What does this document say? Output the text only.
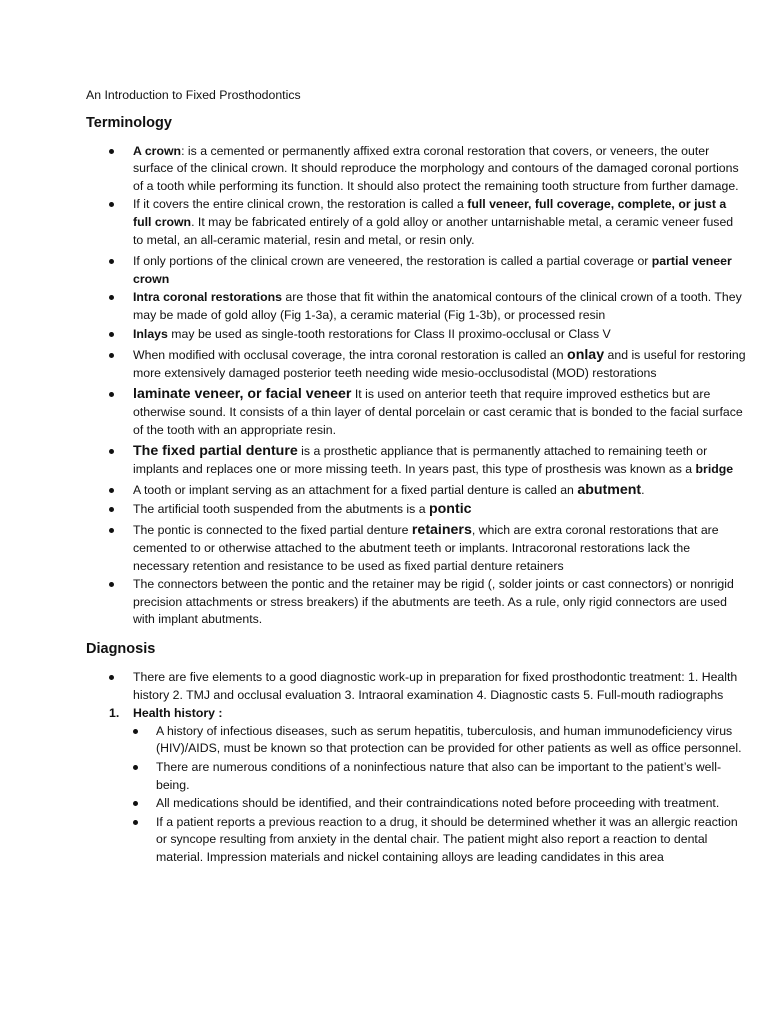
An Introduction to Fixed Prosthodontics
Terminology
A crown: is a cemented or permanently affixed extra coronal restoration that covers, or veneers, the outer surface of the clinical crown. It should reproduce the morphology and contours of the damaged coronal portions of a tooth while performing its function. It should also protect the remaining tooth structure from further damage.
If it covers the entire clinical crown, the restoration is called a full veneer, full coverage, complete, or just a full crown. It may be fabricated entirely of a gold alloy or another untarnishable metal, a ceramic veneer fused to metal, an all-ceramic material, resin and metal, or resin only.
If only portions of the clinical crown are veneered, the restoration is called a partial coverage or partial veneer crown
Intra coronal restorations are those that fit within the anatomical contours of the clinical crown of a tooth. They may be made of gold alloy (Fig 1-3a), a ceramic material (Fig 1-3b), or processed resin
Inlays may be used as single-tooth restorations for Class II proximo-occlusal or Class V
When modified with occlusal coverage, the intra coronal restoration is called an onlay and is useful for restoring more extensively damaged posterior teeth needing wide mesio-occlusodistal (MOD) restorations
laminate veneer, or facial veneer It is used on anterior teeth that require improved esthetics but are otherwise sound. It consists of a thin layer of dental porcelain or cast ceramic that is bonded to the facial surface of the tooth with an appropriate resin.
The fixed partial denture is a prosthetic appliance that is permanently attached to remaining teeth or implants and replaces one or more missing teeth. In years past, this type of prosthesis was known as a bridge
A tooth or implant serving as an attachment for a fixed partial denture is called an abutment.
The artificial tooth suspended from the abutments is a pontic
The pontic is connected to the fixed partial denture retainers, which are extra coronal restorations that are cemented to or otherwise attached to the abutment teeth or implants. Intracoronal restorations lack the necessary retention and resistance to be used as fixed partial denture retainers
The connectors between the pontic and the retainer may be rigid (, solder joints or cast connectors) or nonrigid precision attachments or stress breakers) if the abutments are teeth. As a rule, only rigid connectors are used with implant abutments.
Diagnosis
There are five elements to a good diagnostic work-up in preparation for fixed prosthodontic treatment: 1. Health history 2. TMJ and occlusal evaluation 3. Intraoral examination 4. Diagnostic casts 5. Full-mouth radiographs
1. Health history :
A history of infectious diseases, such as serum hepatitis, tuberculosis, and human immunodeficiency virus (HIV)/AIDS, must be known so that protection can be provided for other patients as well as office personnel.
There are numerous conditions of a noninfectious nature that also can be important to the patient’s well-being.
All medications should be identified, and their contraindications noted before proceeding with treatment.
If a patient reports a previous reaction to a drug, it should be determined whether it was an allergic reaction or syncope resulting from anxiety in the dental chair. The patient might also report a reaction to dental material. Impression materials and nickel containing alloys are leading candidates in this area
